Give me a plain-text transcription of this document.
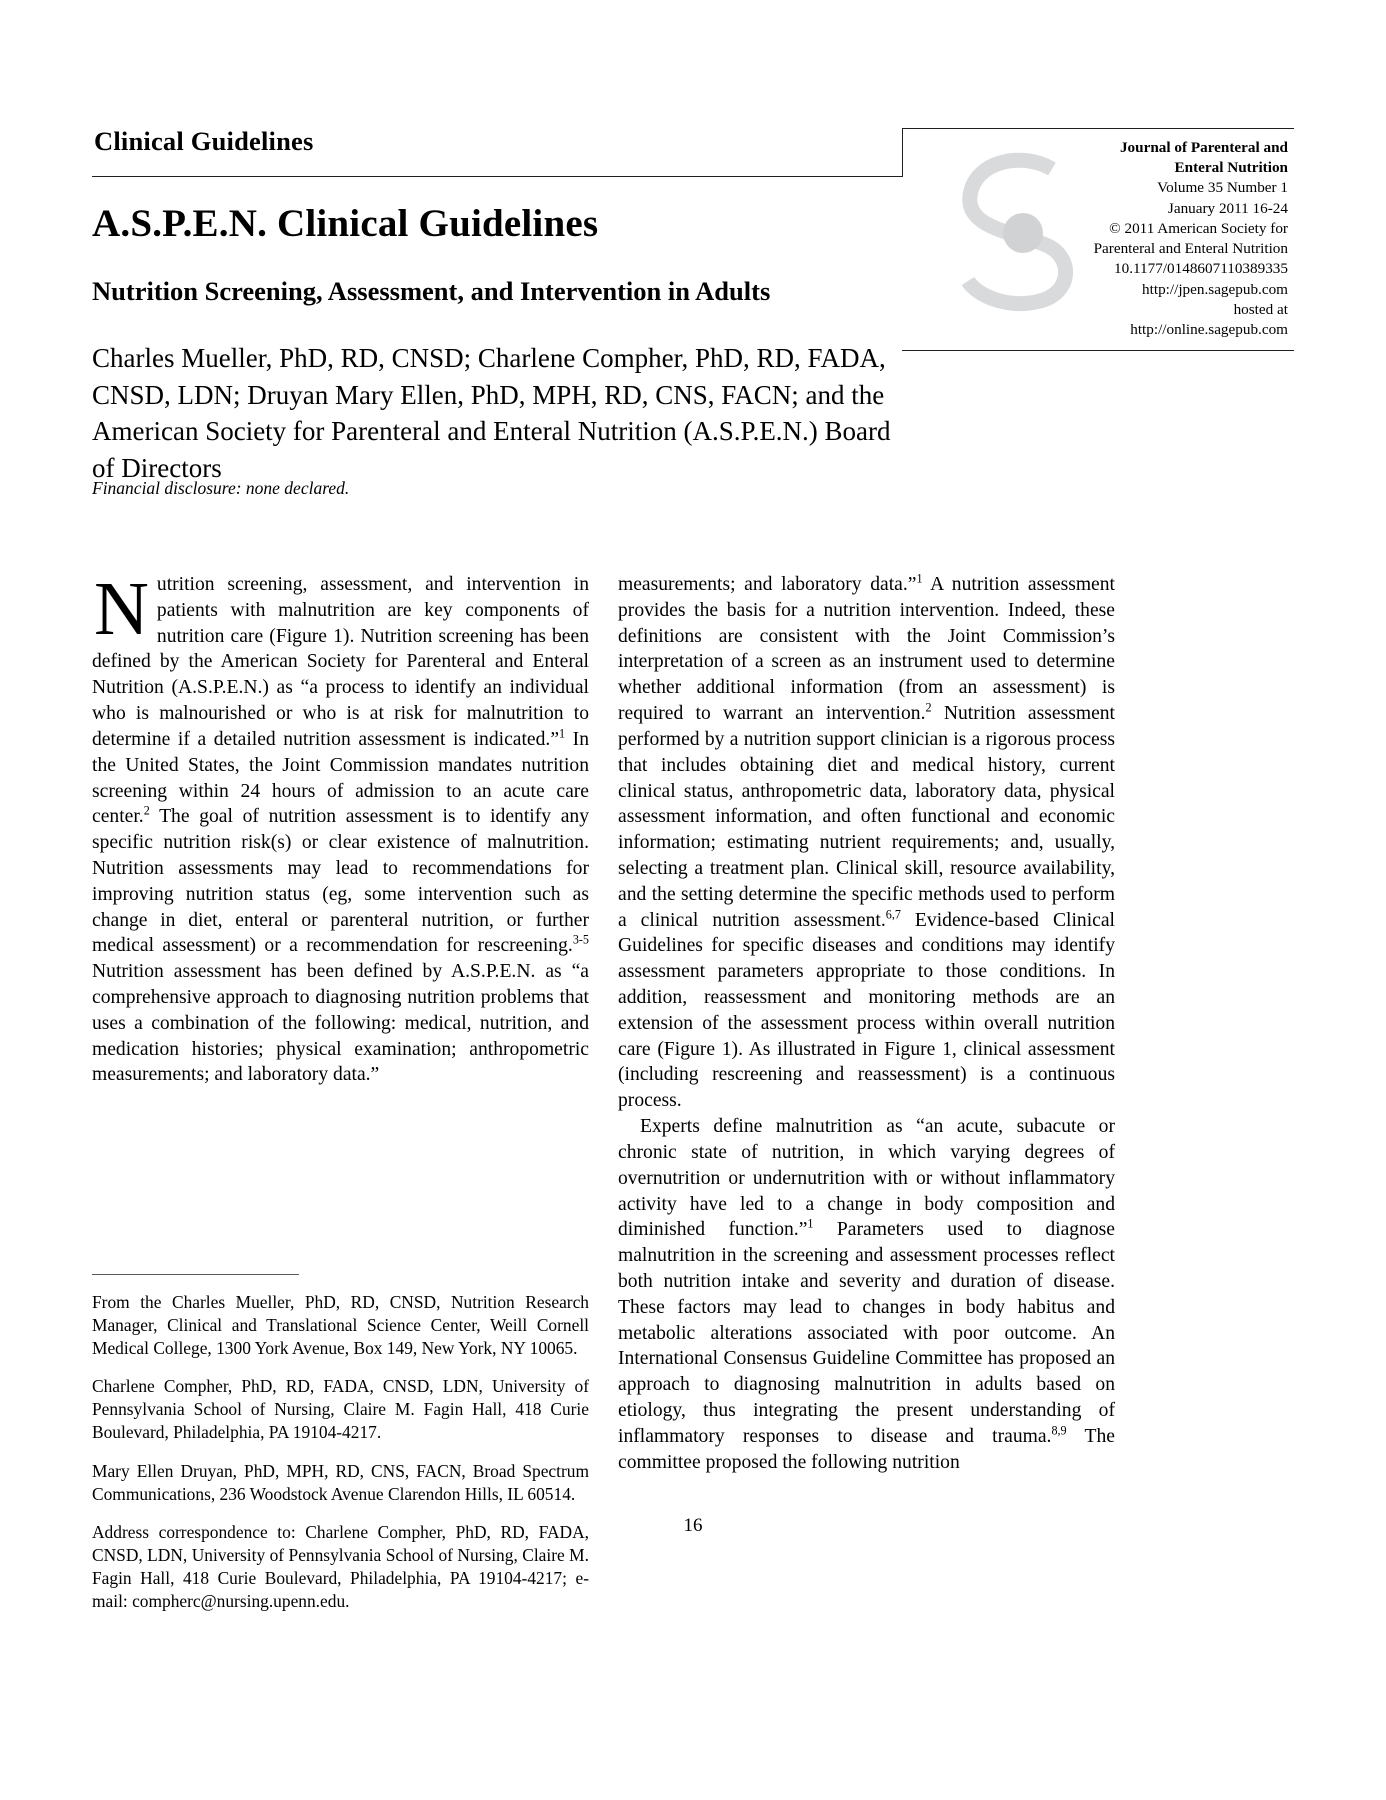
Clinical Guidelines	Journal of Parenteral and
Enteral Nutrition
Volume 35 Number 1
January 2011 16-24
© 2011 American Society for
Parenteral and Enteral Nutrition
10.1177/0148607110389335
http://jpen.sagepub.com
hosted at
http://online.sagepub.com
A.S.P.E.N. Clinical Guidelines
Nutrition Screening, Assessment, and Intervention in Adults
Charles Mueller, PhD, RD, CNSD; Charlene Compher, PhD, RD, FADA, CNSD, LDN; Druyan Mary Ellen, PhD, MPH, RD, CNS, FACN; and the American Society for Parenteral and Enteral Nutrition (A.S.P.E.N.) Board of Directors
Financial disclosure: none declared.

Nutrition screening, assessment, and intervention in patients with malnutrition are key components of nutrition care (Figure 1). Nutrition screening has been defined by the American Society for Parenteral and Enteral Nutrition (A.S.P.E.N.) as “a process to identify an individual who is malnourished or who is at risk for malnutrition to determine if a detailed nutrition assessment is indicated.”$^1$ In the United States, the Joint Commission mandates nutrition screening within 24 hours of admission to an acute care center.$^2$ The goal of nutrition assessment is to identify any specific nutrition risk(s) or clear existence of malnutrition. Nutrition assessments may lead to recommendations for improving nutrition status (eg, some intervention such as change in diet, enteral or parenteral nutrition, or further medical assessment) or a recommendation for rescreening.$^{3-5}$ Nutrition assessment has been defined by A.S.P.E.N. as “a comprehensive approach to diagnosing nutrition problems that uses a combination of the following: medical, nutrition, and medication histories; physical examination; anthropometric measurements; and laboratory data.”

measurements; and laboratory data.”$^1$ A nutrition assessment provides the basis for a nutrition intervention. Indeed, these definitions are consistent with the Joint Commission’s interpretation of a screen as an instrument used to determine whether additional information (from an assessment) is required to warrant an intervention.$^2$ Nutrition assessment performed by a nutrition support clinician is a rigorous process that includes obtaining diet and medical history, current clinical status, anthropometric data, laboratory data, physical assessment information, and often functional and economic information; estimating nutrient requirements; and, usually, selecting a treatment plan. Clinical skill, resource availability, and the setting determine the specific methods used to perform a clinical nutrition assessment.$^{6,7}$ Evidence-based Clinical Guidelines for specific diseases and conditions may identify assessment parameters appropriate to those conditions. In addition, reassessment and monitoring methods are an extension of the assessment process within overall nutrition care (Figure 1). As illustrated in Figure 1, clinical assessment (including rescreening and reassessment) is a continuous process.

Experts define malnutrition as “an acute, subacute or chronic state of nutrition, in which varying degrees of overnutrition or undernutrition with or without inflammatory activity have led to a change in body composition and diminished function.”$^1$ Parameters used to diagnose malnutrition in the screening and assessment processes reflect both nutrition intake and severity and duration of disease. These factors may lead to changes in body habitus and metabolic alterations associated with poor outcome. An International Consensus Guideline Committee has proposed an approach to diagnosing malnutrition in adults based on etiology, thus integrating the present understanding of inflammatory responses to disease and trauma.$^{8,9}$ The committee proposed the following nutrition

From the Charles Mueller, PhD, RD, CNSD, Nutrition Research Manager, Clinical and Translational Science Center, Weill Cornell Medical College, 1300 York Avenue, Box 149, New York, NY 10065.

Charlene Compher, PhD, RD, FADA, CNSD, LDN, University of Pennsylvania School of Nursing, Claire M. Fagin Hall, 418 Curie Boulevard, Philadelphia, PA 19104-4217.

Mary Ellen Druyan, PhD, MPH, RD, CNS, FACN, Broad Spectrum Communications, 236 Woodstock Avenue Clarendon Hills, IL 60514.

Address correspondence to: Charlene Compher, PhD, RD, FADA, CNSD, LDN, University of Pennsylvania School of Nursing, Claire M. Fagin Hall, 418 Curie Boulevard, Philadelphia, PA 19104-4217; e-mail: compherc@nursing.upenn.edu.

16
